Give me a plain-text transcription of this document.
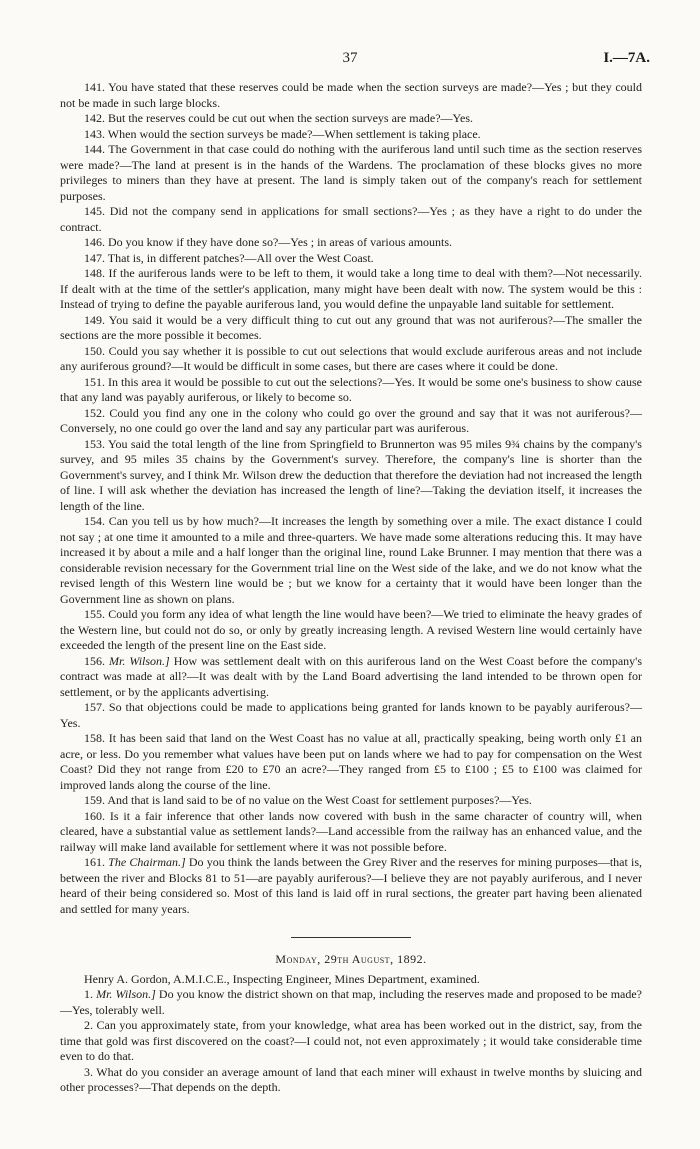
37	I.—7A.

141. You have stated that these reserves could be made when the section surveys are made?—Yes ; but they could not be made in such large blocks.

142. But the reserves could be cut out when the section surveys are made?—Yes.

143. When would the section surveys be made?—When settlement is taking place.

144. The Government in that case could do nothing with the auriferous land until such time as the section reserves were made?—The land at present is in the hands of the Wardens. The proclamation of these blocks gives no more privileges to miners than they have at present. The land is simply taken out of the company's reach for settlement purposes.

145. Did not the company send in applications for small sections?—Yes ; as they have a right to do under the contract.

146. Do you know if they have done so?—Yes ; in areas of various amounts.

147. That is, in different patches?—All over the West Coast.

148. If the auriferous lands were to be left to them, it would take a long time to deal with them?—Not necessarily. If dealt with at the time of the settler's application, many might have been dealt with now. The system would be this : Instead of trying to define the payable auriferous land, you would define the unpayable land suitable for settlement.

149. You said it would be a very difficult thing to cut out any ground that was not auriferous?—The smaller the sections are the more possible it becomes.

150. Could you say whether it is possible to cut out selections that would exclude auriferous areas and not include any auriferous ground?—It would be difficult in some cases, but there are cases where it could be done.

151. In this area it would be possible to cut out the selections?—Yes. It would be some one's business to show cause that any land was payably auriferous, or likely to become so.

152. Could you find any one in the colony who could go over the ground and say that it was not auriferous?—Conversely, no one could go over the land and say any particular part was auriferous.

153. You said the total length of the line from Springfield to Brunnerton was 95 miles 9¾ chains by the company's survey, and 95 miles 35 chains by the Government's survey. Therefore, the company's line is shorter than the Government's survey, and I think Mr. Wilson drew the deduction that therefore the deviation had not increased the length of line. I will ask whether the deviation has increased the length of line?—Taking the deviation itself, it increases the length of the line.

154. Can you tell us by how much?—It increases the length by something over a mile. The exact distance I could not say ; at one time it amounted to a mile and three-quarters. We have made some alterations reducing this. It may have increased it by about a mile and a half longer than the original line, round Lake Brunner. I may mention that there was a considerable revision necessary for the Government trial line on the West side of the lake, and we do not know what the revised length of this Western line would be ; but we know for a certainty that it would have been longer than the Government line as shown on plans.

155. Could you form any idea of what length the line would have been?—We tried to eliminate the heavy grades of the Western line, but could not do so, or only by greatly increasing length. A revised Western line would certainly have exceeded the length of the present line on the East side.

156. Mr. Wilson.] How was settlement dealt with on this auriferous land on the West Coast before the company's contract was made at all?—It was dealt with by the Land Board advertising the land intended to be thrown open for settlement, or by the applicants advertising.

157. So that objections could be made to applications being granted for lands known to be payably auriferous?—Yes.

158. It has been said that land on the West Coast has no value at all, practically speaking, being worth only £1 an acre, or less. Do you remember what values have been put on lands where we had to pay for compensation on the West Coast? Did they not range from £20 to £70 an acre?—They ranged from £5 to £100 ; £5 to £100 was claimed for improved lands along the course of the line.

159. And that is land said to be of no value on the West Coast for settlement purposes?—Yes.

160. Is it a fair inference that other lands now covered with bush in the same character of country will, when cleared, have a substantial value as settlement lands?—Land accessible from the railway has an enhanced value, and the railway will make land available for settlement where it was not possible before.

161. The Chairman.] Do you think the lands between the Grey River and the reserves for mining purposes—that is, between the river and Blocks 81 to 51—are payably auriferous?—I believe they are not payably auriferous, and I never heard of their being considered so. Most of this land is laid off in rural sections, the greater part having been alienated and settled for many years.

Monday, 29th August, 1892.

Henry A. Gordon, A.M.I.C.E., Inspecting Engineer, Mines Department, examined.

1. Mr. Wilson.] Do you know the district shown on that map, including the reserves made and proposed to be made?—Yes, tolerably well.

2. Can you approximately state, from your knowledge, what area has been worked out in the district, say, from the time that gold was first discovered on the coast?—I could not, not even approximately ; it would take considerable time even to do that.

3. What do you consider an average amount of land that each miner will exhaust in twelve months by sluicing and other processes?—That depends on the depth.
